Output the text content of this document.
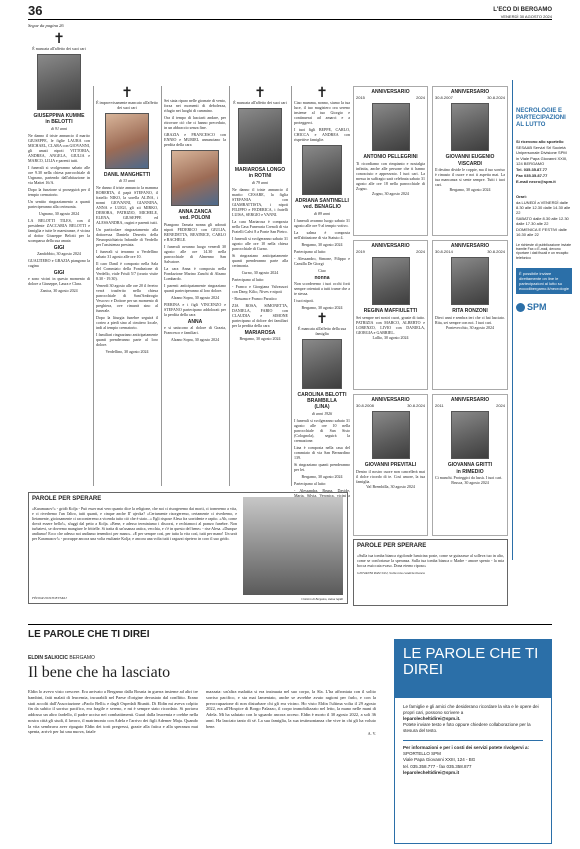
36	L'ECO DI BERGAMO
VENERDÌ 30 AGOSTO 2024
Segue da pagina 26
✝

È mancata all'affetto dei suoi cari

GIUSEPPINA KUMME
in BELOTTI
di 91 anni

Ne danno il triste annuncio il marito GIUSEPPE, le figlie LAURA con MICHAEL, CLARA con GIOVANNI, gli amati nipoti VITTORIA, ANDREA, ANGELA, GIULIA e MARCO, LILIA e parenti tutti.

I funerali si svolgeranno sabato alle ore 9.30 nella chiesa parrocchiale di Urgnano, partendo dall'abitazione in via Mattei 16/A.

Dopo la funzione si proseguirà per il tempio crematorio.

Un sentito ringraziamento a quanti parteciperanno alla cerimonia.

Urgnano, 30 agosto 2024

LA BELOTTI TILES, con il presidente ZACCARIA BELOTTI e famiglia e tutte le maestranze, è vicina al dottor Giuseppe Belotti per la scomparsa della sua amata

GIGI

Zandobbio, 30 agosto 2024

GUALTIERO e GRAZIA piangono la cugina

GIGI

e sono vicini in questo momento di dolore a Giuseppe, Laura e Clara.

Zanica, 30 agosto 2024

✝

È improvvisamente mancato all'affetto dei suoi cari

DANIL MANGHETTI
di 33 anni

Ne danno il triste annuncio la mamma ROBERTA, il papà STEFANO, il fratello NIKO, la sorella ALINA, i nonni GIOVANNI, GIANNINA, ANNA e LUIGI, gli zii MIRKO, DEBORA, PATRIZIO, MICHELE, ELENA, GIUSEPPE ed ALESSANDRA, cugini e parenti tutti.

Un particolare ringraziamento alla dottoressa Daniela Desertis della Neuropsichiatria Infantile di Verdello per l'assistenza prestata.

I funerali si terranno a Verdellino sabato 31 agosto alle ore 10.

Il caro Danil è composto nella Sala del Commiato della Fondazione di Verdello, viale Friuli 5/7 (orario visite 8.30 - 19.30).

Venerdì 30 agosto alle ore 20 il feretro verrà trasferito nella chiesa parrocchiale di Sant'Ambrogio Vescovo e Dottore per un momento di preghiera, ove rimarrà sino al funerale.

Dopo la liturgia funebre seguirà il corteo a piedi sino al cimitero locale, indi al tempio crematorio.

I familiari ringraziano anticipatamente quanti prenderanno parte al loro dolore.

Verdellino, 30 agosto 2024

Sei stata riparo nelle giornate di vento, forza nei momenti di debolezza, rifugio nei luoghi di cammino.

Ora il tempo di lasciarti andare, per ritrovare ciò che ci hanno preceduto, in un abbraccio senza fine.

GRAZIA e FRANCESCO con ENNIO e MURIEL annunciano la perdita della cara

ANNA ZANCA
ved. POLONI

Piangono l'amata nonna gli adorati nipoti FEDERICO con GIULIA, BENEDETTA, BEATRICE, CARLO e RACHELE.

I funerali avranno luogo venerdì 30 agosto alle ore 14.30 nella parrocchiale di Almenno San Salvatore.

La cara Anna è composta nella Fondazione Marino Zanchi di Alzano Lombardo.

I parenti anticipatamente ringraziano quanti parteciperanno al loro dolore.

Alzano Sopra, 30 agosto 2024

PIERINA e i figli VINCENZO e STEFANO partecipano addolorati per la perdita della cara

ANNA

e si uniscono al dolore di Grazia, Francesco e familiari.

Alzano Sopra, 30 agosto 2024

✝

È mancata all'affetto dei suoi cari

MARIAROSA LONGO
in ROTINI
di 79 anni

Ne danno il triste annuncio il marito CESARE, la figlia STEFANIA con GIAMBATTISTA, i nipoti FILIPPO e FEDERICA, i fratelli LUISA, SERGIO e VANNI.

La cara Mariarosa è composta nella Casa Funeraria Crenoli di via Fratelli Calvi 8 a Ponte San Pietro.

I funerali si svolgeranno sabato 31 agosto alle ore 10 nella chiesa parrocchiale di Curno.

Si ringraziano anticipatamente quanti prenderanno parte alla cerimonia.

Curno, 30 agosto 2024

Partecipano al lutto:

- Franco e Giorgiana Valvassori con Dany, Kilio, Nives e nipoti

- Rossana e Franco Paratico

ZIA ROSA, SIMONETTA, DANIELA, FABIO con CLAUDIA e SIMONE partecipano al dolore dei familiari per la perdita della cara

MARIAROSA

Bergamo, 30 agosto 2024

✝

Ciao mamma, nonno, siamo la tua luce, il tuo magistero ora sereno insieme al tuo Giorgio e continuerai ad amarci e a proteggerci.

I tuoi figli BEPPE, CARLO, CHICCA e ANDREA con rispettive famiglie.

ADRIANA SANTINELLI
ved. BENAGLIO
di 89 anni

I funerali avranno luogo sabato 31 agosto alle ore 9 al tempio votivo.

La salma è composta nell'abitazione di via Statuto 4.

Bergamo, 30 agosto 2024

Partecipano al lutto:

- Alessandro, Simone, Filippo e Camilla De Giorgi

Ciao

nonna

Non scorderemo i tuoi occhi forti sempre orientati a tutti trame che a te stessa.

I tuoi nipoti.

Bergamo, 30 agosto 2024

✝

È mancata all'affetto della sua famiglia

CAROLINA BELOTTI
BRAMBILLA
(LINA)
di anni 1926

I funerali si svolgeranno sabato 31 agosto alle ore 10 nella parrocchiale di San Sisto (Colognola), seguirà la cremazione.

Lina è composta nella casa del commiato di via San Bernardino 139.

Si ringraziano quanti prenderanno per lei.

Bergamo, 30 agosto 2024

Partecipano al lutto:

- Alessandra, Bruna, Davide, Marta, Silvia, Veronica, vicini a

ANNIVERSARIO
2015	2024
ANTONIO PELLEGRINI

Ti ricordiamo con rimpianto e nostalgia infinita, anche alle persone che ti hanno conosciuto e apprezzato. I tuoi cari. La messa in suffragio sarà celebrata sabato 31 agosto alle ore 18 nella parrocchiale di Zogno.

Zogno, 30 agosto 2024

ANNIVERSARIO
30.8.2007	30.8.2024
GIOVANNI EUGENIO VISCARDI

Il destino divide le coppie, ma il tuo sorriso è rimasto il cuore e noi ti aspetta mai. La tua mancanza si sente sempre. Tutti i tuoi cari.

Bergamo, 30 agosto 2024

ANNIVERSARIO
2019	2024
REGINA MAFFIULETTI

Sei sempre nei nostri cuori, grazie di tutto. PATRIZIA con MARCO, ALBERTO e LORENZO, LIVIO con DANIELA, GIORGIA e GABRIEL.

Lallio, 30 agosto 2024

ANNIVERSARIO
30.8.2014	30.8.2024
RITA RONZONI

Dieci anni e sembra ieri che ci hai lasciato. Rita, sei sempre con noi. I tuoi cari.

Pontevecchio, 30 agosto 2024

ANNIVERSARIO
30.8.2008	30.8.2024
GIOVANNI PREVITALI

Dentro il nostro cuore non cancellerà mai il dolce ricordo di te. Così amore, la tua famiglia.

Val Brembilla, 30 agosto 2024

ANNIVERSARIO
2011	2024
GIOVANNA GRITTI
in RIMEDIO

Ci manchi. Proteggici da lassù. I tuoi cari.

Brusca, 30 agosto 2024

NECROLOGIE E PARTECIPAZIONI AL LUTTO
Si ricevono allo sportello
SESAAB Servizi Srl Società Unipersonale Divisione SPM
in Viale Papa Giovanni XXIII, 124 BERGAMO
Tel. 035.35.87.77
Fax 035.35.87.77
E-mail necro@spm.it
Orari:
da LUNEDÌ a VENERDÌ dalle 8.30 alle 12.30 dalle 14.30 alle 22
SABATO dalle 8.30 alle 12.30 dalle 17.30 alle 22
DOMENICA E FESTIVI dalle 16.30 alle 22
Le richieste di pubblicazione inviate tramite Fax o E-mail, devono riportare i dati fiscali e un recapito telefonico
È possibile inviare direttamente on line le partecipazioni al lutto su eccodibergamo.it/necrologie
SPM
PAROLE PER SPERARE

«Karamazov!» - gridò Kolja - Può esser mai vero quanto dice la religione, che noi ci risorgeremo dai morti, ci torneremo a vita, e ci rivedremo l'un l'altro, tutti quanti, e cinque anche Il' ujecka? «Certamente risorgeremo, certamente ci rivedremo, e lietamente, gioiosamente ci racconteremo a vicenda tutto ciò che è stato...» Egli rispose Alesa fra sorridente e rapito. «Ah, come dovrà essere bello!», sfuggì dal petto a Kolja. «Bene, e adesso terminiamo i discorsi, e rechiamoci al pranzo funebre. Non turbatevi, se dovremo mangiare le frittelle. Si tratta di un'usanza antica, vecchia, e c'è in questo del bene» - rise Alesa. «Dunque andiamo! Ecco che adesso noi andiamo tenendoci per mano». «E per sempre così, per tutta la vita così, tutti per mano! Un urrà per Karamazov!» - proruppe ancora una volta esultante Kolja; e ancora una volta tutti i ragazzi ripetero in coro il suo grido.

FËDOR DOSTOEVSKIJ	Cimitero di Bergamo, statua lapidi
PAROLE PER SPERARE

«Sulla tua tomba bianca rigolonde lumicina poste, come se guizzasse al solleva tuo in alto, come se confortasse la speranza. Sulla tua tomba bianca o Madre - amore spento - la mia bocca essiccata evaso. Dona eterno riposo»

GIOVANNI PASCOLI, Sulla mia candela bianca
LE PAROLE CHE TI DIREI
ELDIN SALKICIC BERGAMO
Il bene che ha lasciato

Eldin lo avevo visto crescere. Era arrivato a Bergamo dalla Bosnia in guerra insieme ad altri tre bambini, fatti malati di leucemia, incurabili nel Paese d'origine devastato dal conflitto. Erano stati accolti dall'Associazione «Paolo Belli» e dagli Ospedali Riuniti. Di Eldin mi aveva colpito fin da subito il sorriso pacifico, era fragile e sereno, e mi è sempre stato ricordato. Si portava addosso un altro fardello, il padre ucciso nei combattimenti. Guarì dalla leucemia e crebbe nella nostra città gli studi, il lavoro, il matrimonio con Adela e l'arrivo dei figli Ademer Maja. Quando la vita sembrava aver ripagato Eldin dei torti pregressi, grazie alla fatica e alla speranza mai spenta, arrivò per lui una nuova, fatale

mazzata: un'altra malattia si era insinuata nel suo corpo, la Sla. L'ha affrontata con il solito sorriso pacifico, e sta mai lamentato, anche se avrebbe avuto ragioni per farlo, e con la preoccupazione di non disturbare chi gli era vicino. Ho visto Eldin l'ultima volta il 29 agosto 2022, era all'Hospice di Borgo Palazzo, il corpo immobilizzato nel letto, la mano nelle mani di Adela. Mi ha salutato con lo sguardo ancora acceso. Eldin è morto il 30 agosto 2022, a soli 36 anni. Ha lasciato tanto di sé. La sua famiglia, la sua testimonianza che vive in chi gli ha voluto bene.

A. V.

LE PAROLE CHE TI DIREI

Le famiglie e gli amici che desiderano ricordare la vita e le opere dei propri cari, possono scrivere a

leparolecheltidirei@spm.it.

Potete inviare testo e foto oppure chiedere collaborazione per la stesura del testo.

Per informazioni e per i costi dei servizi potete rivolgervi a:

SPORTELLO SPM

Viale Papa Giovanni XXIII, 124 - BG

tel. 035.358.777 - fax 035.358.877

leparolecheltidirei@spm.it
